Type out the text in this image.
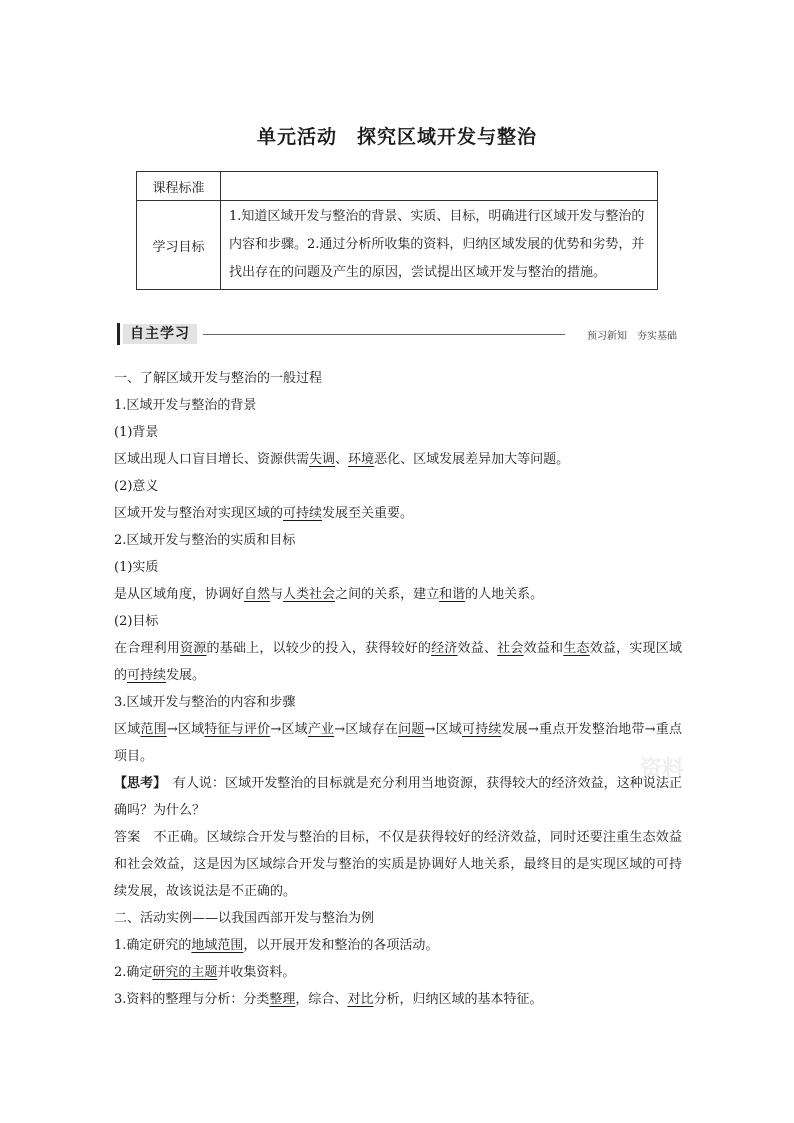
单元活动　探究区域开发与整治
课程标准	
学习目标	1.知道区域开发与整治的背景、实质、目标，明确进行区域开发与整治的内容和步骤。2.通过分析所收集的资料，归纳区域发展的优势和劣势，并找出存在的问题及产生的原因，尝试提出区域开发与整治的措施。
自主学习	预习新知　夯实基础
资料

一、了解区域开发与整治的一般过程

1.区域开发与整治的背景

(1)背景

区域出现人口盲目增长、资源供需失调、环境恶化、区域发展差异加大等问题。

(2)意义

区域开发与整治对实现区域的可持续发展至关重要。

2.区域开发与整治的实质和目标

(1)实质

是从区域角度，协调好自然与人类社会之间的关系，建立和谐的人地关系。

(2)目标

在合理利用资源的基础上，以较少的投入，获得较好的经济效益、社会效益和生态效益，实现区域的可持续发展。

3.区域开发与整治的内容和步骤

区域范围→区域特征与评价→区域产业→区域存在问题→区域可持续发展→重点开发整治地带→重点项目。

【思考】　 有人说：区域开发整治的目标就是充分利用当地资源，获得较大的经济效益，这种说法正确吗？为什么？

答案　 不正确。区域综合开发与整治的目标，不仅是获得较好的经济效益，同时还要注重生态效益和社会效益，这是因为区域综合开发与整治的实质是协调好人地关系，最终目的是实现区域的可持续发展，故该说法是不正确的。

二、活动实例——以我国西部开发与整治为例

1.确定研究的地域范围，以开展开发和整治的各项活动。

2.确定研究的主题并收集资料。

3.资料的整理与分析：分类整理，综合、对比分析，归纳区域的基本特征。
